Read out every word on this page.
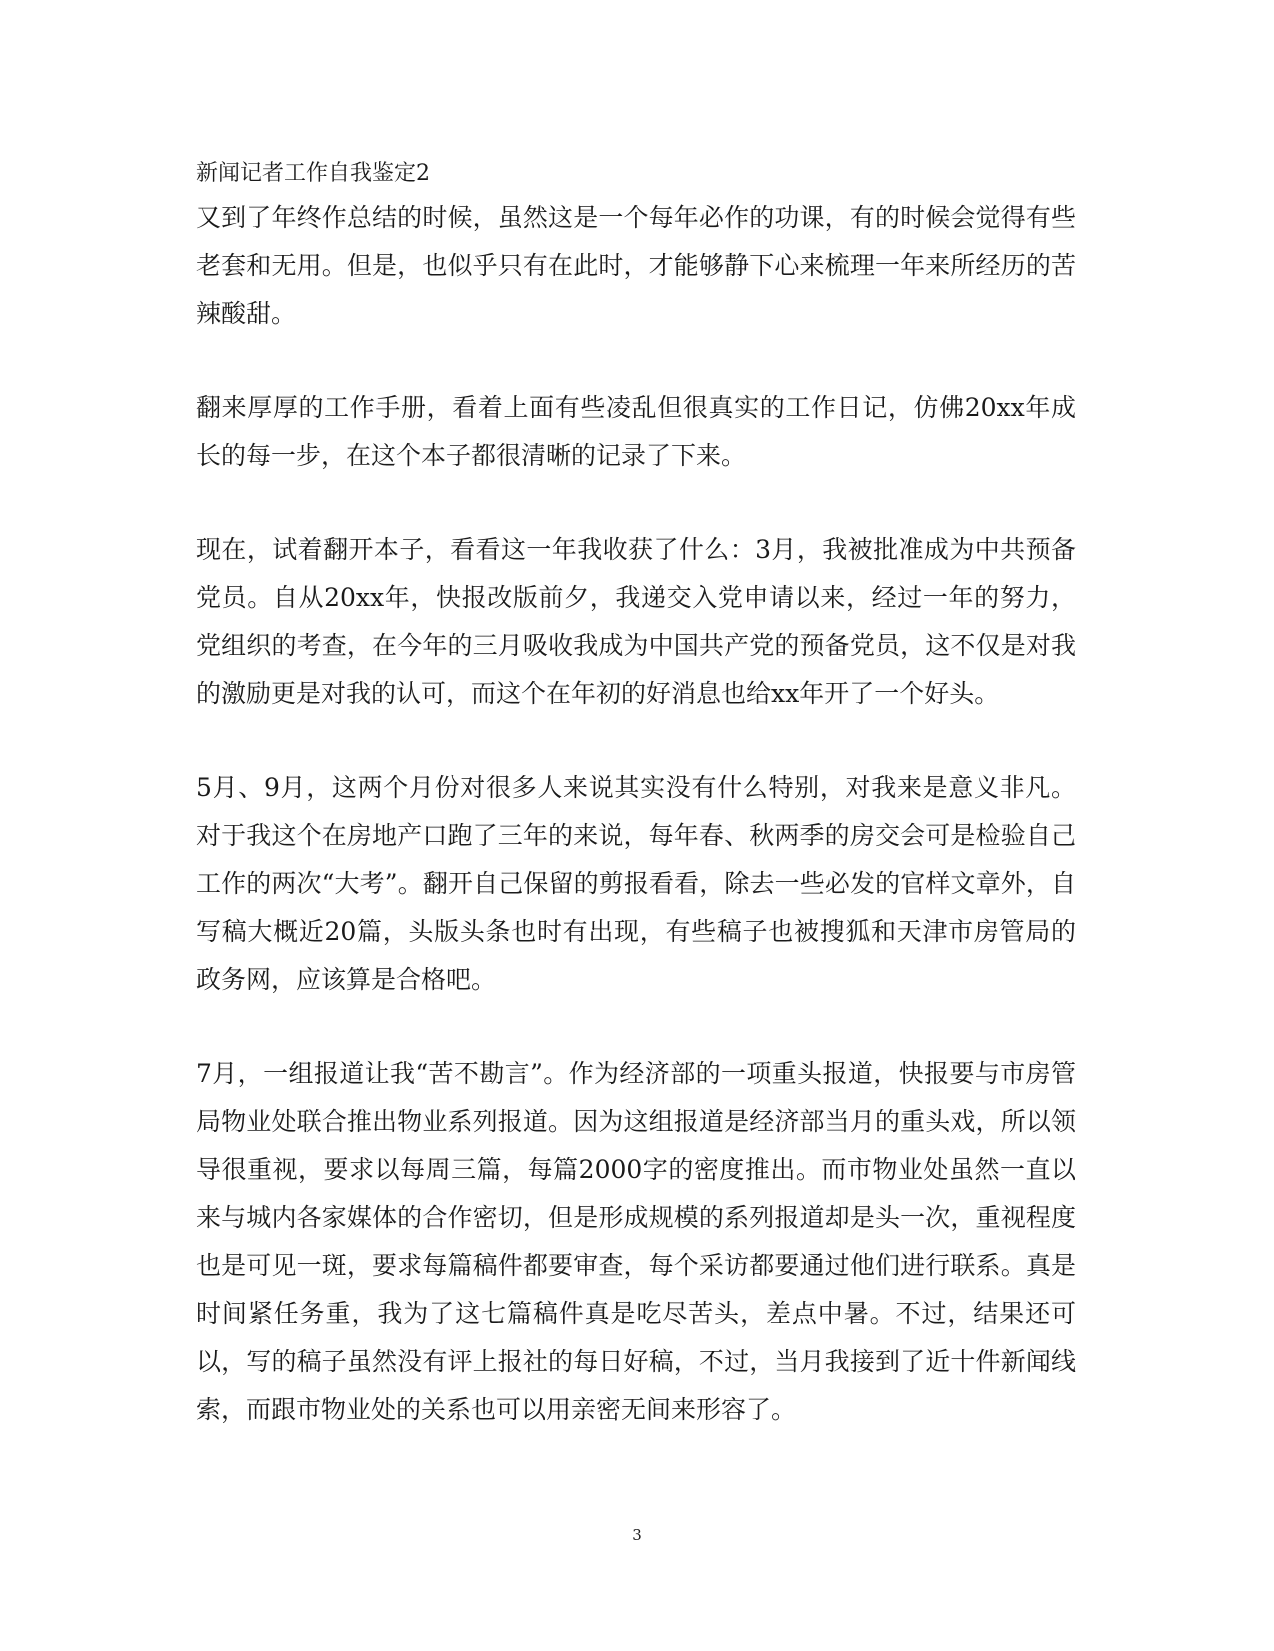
新闻记者工作自我鉴定2

又到了年终作总结的时候，虽然这是一个每年必作的功课，有的时候会觉得有些老套和无用。但是，也似乎只有在此时，才能够静下心来梳理一年来所经历的苦辣酸甜。

翻来厚厚的工作手册，看着上面有些凌乱但很真实的工作日记，仿佛20xx年成长的每一步，在这个本子都很清晰的记录了下来。

现在，试着翻开本子，看看这一年我收获了什么：3月，我被批准成为中共预备党员。自从20xx年，快报改版前夕，我递交入党申请以来，经过一年的努力，党组织的考查，在今年的三月吸收我成为中国共产党的预备党员，这不仅是对我的激励更是对我的认可，而这个在年初的好消息也给xx年开了一个好头。

5月、9月，这两个月份对很多人来说其实没有什么特别，对我来是意义非凡。对于我这个在房地产口跑了三年的来说，每年春、秋两季的房交会可是检验自己工作的两次“大考”。翻开自己保留的剪报看看，除去一些必发的官样文章外，自写稿大概近20篇，头版头条也时有出现，有些稿子也被搜狐和天津市房管局的政务网，应该算是合格吧。

7月，一组报道让我“苦不勘言”。作为经济部的一项重头报道，快报要与市房管局物业处联合推出物业系列报道。因为这组报道是经济部当月的重头戏，所以领导很重视，要求以每周三篇，每篇2000字的密度推出。而市物业处虽然一直以来与城内各家媒体的合作密切，但是形成规模的系列报道却是头一次，重视程度也是可见一斑，要求每篇稿件都要审查，每个采访都要通过他们进行联系。真是时间紧任务重，我为了这七篇稿件真是吃尽苦头，差点中暑。不过，结果还可以，写的稿子虽然没有评上报社的每日好稿，不过，当月我接到了近十件新闻线索，而跟市物业处的关系也可以用亲密无间来形容了。

3
